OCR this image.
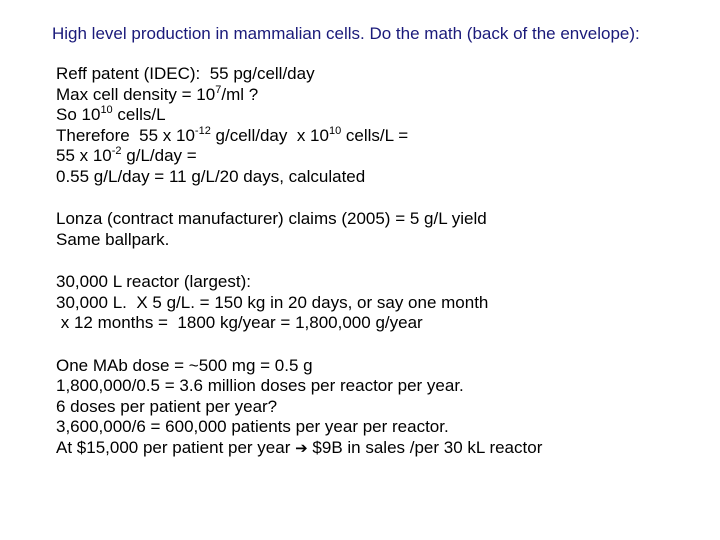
High level production in mammalian cells. Do the math (back of the envelope):
Reff patent (IDEC):  55 pg/cell/day
Max cell density = $10^7/ml$ ?
So $10^{10}$ cells/L
Therefore  55 x $10^{-12}$ g/cell/day  x $10^{10}$ cells/L =
55 x $10^{-2}$ g/L/day =
0.55 g/L/day = 11 g/L/20 days, calculated
Lonza (contract manufacturer) claims (2005) = 5 g/L yield
Same ballpark.
30,000 L reactor (largest):
30,000 L.  X 5 g/L. = 150 kg in 20 days, or say one month
x 12 months =  1800 kg/year = 1,800,000 g/year
One MAb dose = ~500 mg = 0.5 g
1,800,000/0.5 = 3.6 million doses per reactor per year.
6 doses per patient per year?
3,600,000/6 = 600,000 patients per year per reactor.
At $15,000 per patient per year ➔ $9B in sales /per 30 kL reactor
